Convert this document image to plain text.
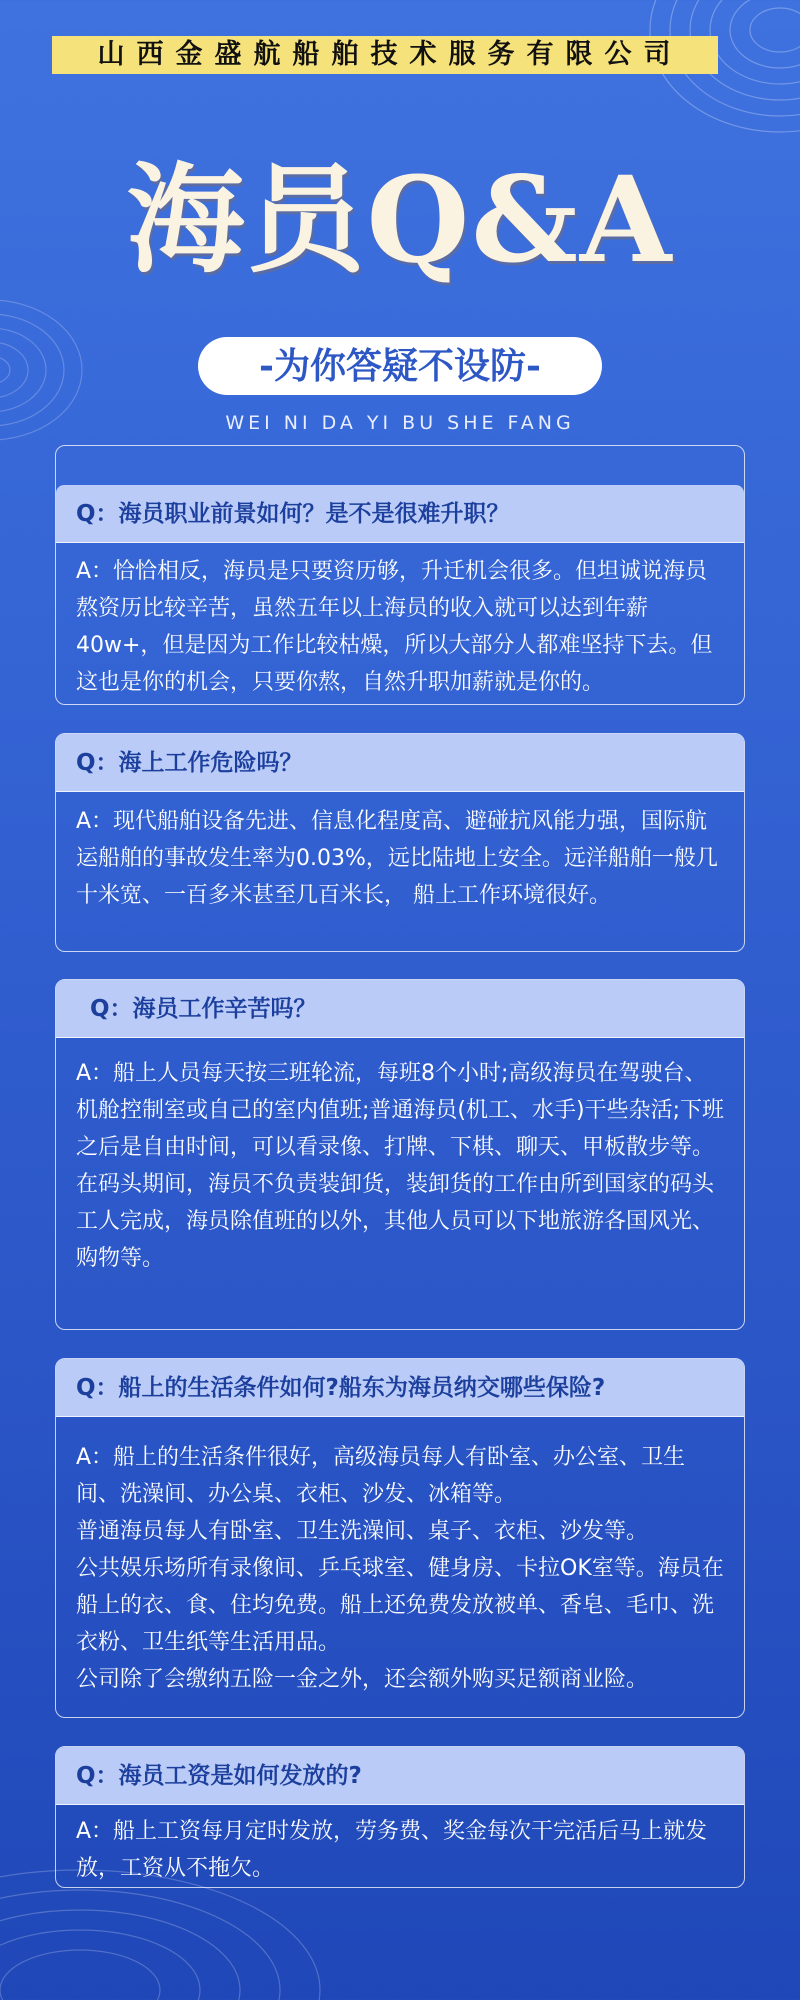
山西金盛航船舶技术服务有限公司
海员Q&A
-为你答疑不设防-
WEI NI DA YI BU SHE FANG
Q：海员职业前景如何？是不是很难升职？

A：恰恰相反，海员是只要资历够，升迁机会很多。但坦诚说海员熬资历比较辛苦，虽然五年以上海员的收入就可以达到年薪40w+，但是因为工作比较枯燥，所以大部分人都难坚持下去。但这也是你的机会，只要你熬，自然升职加薪就是你的。

Q：海上工作危险吗？

A：现代船舶设备先进、信息化程度高、避碰抗风能力强，国际航运船舶的事故发生率为0.03%，远比陆地上安全。远洋船舶一般几十米宽、一百多米甚至几百米长， 船上工作环境很好。

Q：海员工作辛苦吗？

A：船上人员每天按三班轮流，每班8个小时;高级海员在驾驶台、机舱控制室或自己的室内值班;普通海员(机工、水手)干些杂活;下班之后是自由时间，可以看录像、打牌、下棋、聊天、甲板散步等。

在码头期间，海员不负责装卸货，装卸货的工作由所到国家的码头工人完成，海员除值班的以外，其他人员可以下地旅游各国风光、购物等。

Q：船上的生活条件如何?船东为海员纳交哪些保险?

A：船上的生活条件很好，高级海员每人有卧室、办公室、卫生间、洗澡间、办公桌、衣柜、沙发、冰箱等。

普通海员每人有卧室、卫生洗澡间、桌子、衣柜、沙发等。

公共娱乐场所有录像间、乒乓球室、健身房、卡拉OK室等。海员在船上的衣、食、住均免费。船上还免费发放被单、香皂、毛巾、洗衣粉、卫生纸等生活用品。

公司除了会缴纳五险一金之外，还会额外购买足额商业险。

Q：海员工资是如何发放的?

A：船上工资每月定时发放，劳务费、奖金每次干完活后马上就发放，工资从不拖欠。
